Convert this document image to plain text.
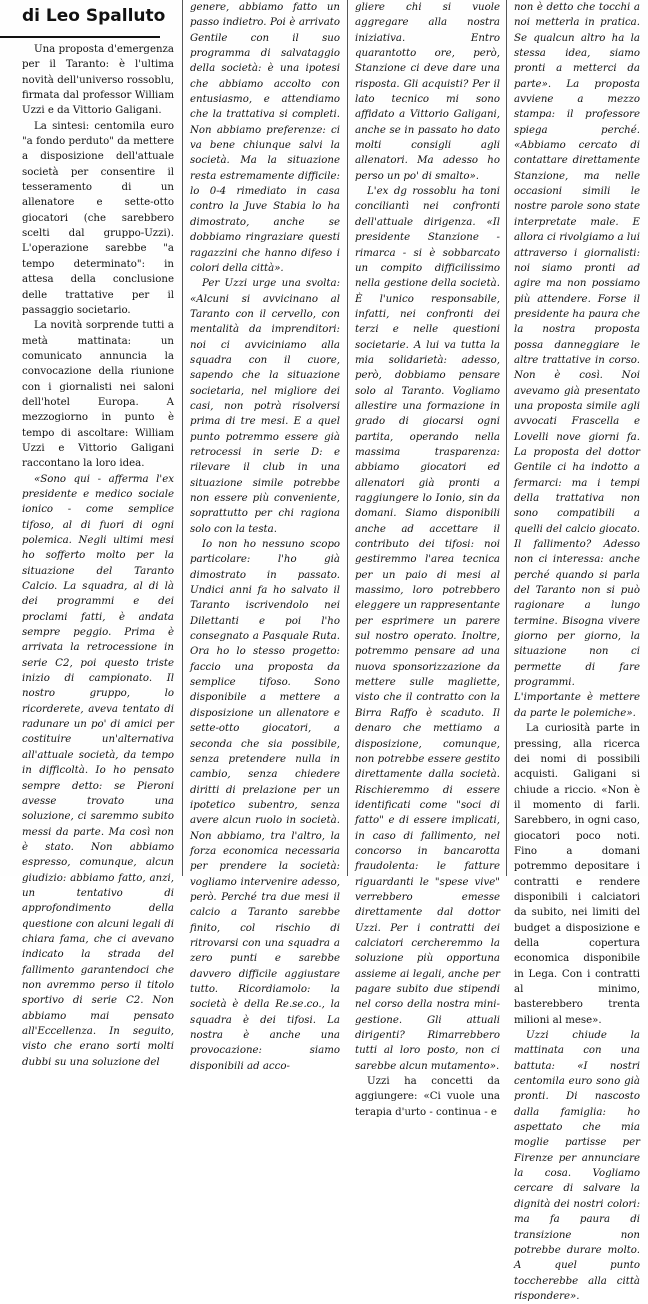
di Leo Spalluto

Una proposta d'emergenza per il Taranto: è l'ultima novità dell'universo rossoblu, firmata dal professor William Uzzi e da Vittorio Galigani.

La sintesi: centomila euro "a fondo perduto" da mettere a disposizione dell'attuale società per consentire il tesseramento di un allenatore e sette-otto giocatori (che sarebbero scelti dal gruppo-Uzzi). L'operazione sarebbe "a tempo determinato": in attesa della conclusione delle trattative per il passaggio societario.

La novità sorprende tutti a metà mattinata: un comunicato annuncia la convocazione della riunione con i giornalisti nei saloni dell'hotel Europa. A mezzogiorno in punto è tempo di ascoltare: William Uzzi e Vittorio Galigani raccontano la loro idea.

«Sono qui - afferma l'ex presidente e medico sociale ionico - come semplice tifoso, al di fuori di ogni polemica. Negli ultimi mesi ho sofferto molto per la situazione del Taranto Calcio. La squadra, al di là dei programmi e dei proclami fatti, è andata sempre peggio. Prima è arrivata la retrocessione in serie C2, poi questo triste inizio di campionato. Il nostro gruppo, lo ricorderete, aveva tentato di radunare un po' di amici per costituire un'alternativa all'attuale società, da tempo in difficoltà. Io ho pensato sempre detto: se Pieroni avesse trovato una soluzione, ci saremmo subito messi da parte. Ma così non è stato. Non abbiamo espresso, comunque, alcun giudizio: abbiamo fatto, anzi, un tentativo di approfondimento della questione con alcuni legali di chiara fama, che ci avevano indicato la strada del fallimento garantendoci che non avremmo perso il titolo sportivo di serie C2. Non abbiamo mai pensato all'Eccellenza. In seguito, visto che erano sorti molti dubbi su una soluzione del

genere, abbiamo fatto un passo indietro. Poi è arrivato Gentile con il suo programma di salvataggio della società: è una ipotesi che abbiamo accolto con entusiasmo, e attendiamo che la trattativa si completi. Non abbiamo preferenze: ci va bene chiunque salvi la società. Ma la situazione resta estremamente difficile: lo 0-4 rimediato in casa contro la Juve Stabia lo ha dimostrato, anche se dobbiamo ringraziare questi ragazzini che hanno difeso i colori della città».

Per Uzzi urge una svolta: «Alcuni si avvicinano al Taranto con il cervello, con mentalità da imprenditori: noi ci avviciniamo alla squadra con il cuore, sapendo che la situazione societaria, nel migliore dei casi, non potrà risolversi prima di tre mesi. E a quel punto potremmo essere già retrocessi in serie D: e rilevare il club in una situazione simile potrebbe non essere più conveniente, soprattutto per chi ragiona solo con la testa.

Io non ho nessuno scopo particolare: l'ho già dimostrato in passato. Undici anni fa ho salvato il Taranto iscrivendolo nei Dilettanti e poi l'ho consegnato a Pasquale Ruta. Ora ho lo stesso progetto: faccio una proposta da semplice tifoso. Sono disponibile a mettere a disposizione un allenatore e sette-otto giocatori, a seconda che sia possibile, senza pretendere nulla in cambio, senza chiedere diritti di prelazione per un ipotetico subentro, senza avere alcun ruolo in società. Non abbiamo, tra l'altro, la forza economica necessaria per prendere la società: vogliamo intervenire adesso, però. Perché tra due mesi il calcio a Taranto sarebbe finito, col rischio di ritrovarsi con una squadra a zero punti e sarebbe davvero difficile aggiustare tutto. Ricordiamolo: la società è della Re.se.co., la squadra è dei tifosi. La nostra è anche una provocazione: siamo disponibili ad acco-

gliere chi si vuole aggregare alla nostra iniziativa. Entro quarantotto ore, però, Stanzione ci deve dare una risposta. Gli acquisti? Per il lato tecnico mi sono affidato a Vittorio Galigani, anche se in passato ho dato molti consigli agli allenatori. Ma adesso ho perso un po' di smalto».

L'ex dg rossoblu ha toni conciliantì nei confronti dell'attuale dirigenza. «Il presidente Stanzione - rimarca - si è sobbarcato un compito difficilissimo nella gestione della società. È l'unico responsabile, infatti, nei confronti dei terzi e nelle questioni societarie. A lui va tutta la mia solidarietà: adesso, però, dobbiamo pensare solo al Taranto. Vogliamo allestire una formazione in grado di giocarsi ogni partita, operando nella massima trasparenza: abbiamo giocatori ed allenatori già pronti a raggiungere lo Ionio, sin da domani. Siamo disponibili anche ad accettare il contributo dei tifosi: noi gestiremmo l'area tecnica per un paio di mesi al massimo, loro potrebbero eleggere un rappresentante per esprimere un parere sul nostro operato. Inoltre, potremmo pensare ad una nuova sponsorizzazione da mettere sulle magliette, visto che il contratto con la Birra Raffo è scaduto. Il denaro che mettiamo a disposizione, comunque, non potrebbe essere gestito direttamente dalla società. Rischieremmo di essere identificati come "soci di fatto" e di essere implicati, in caso di fallimento, nel concorso in bancarotta fraudolenta: le fatture riguardanti le "spese vive" verrebbero emesse direttamente dal dottor Uzzi. Per i contratti dei calciatori cercheremmo la soluzione più opportuna assieme ai legali, anche per pagare subito due stipendi nel corso della nostra mini-gestione. Gli attuali dirigenti? Rimarrebbero tutti al loro posto, non ci sarebbe alcun mutamento».

Uzzi ha concetti da aggiungere: «Ci vuole una terapia d'urto - continua - e

non è detto che tocchi a noi metterla in pratica. Se qualcun altro ha la stessa idea, siamo pronti a metterci da parte». La proposta avviene a mezzo stampa: il professore spiega perché. «Abbiamo cercato di contattare direttamente Stanzione, ma nelle occasioni simili le nostre parole sono state interpretate male. E allora ci rivolgiamo a lui attraverso i giornalisti: noi siamo pronti ad agire ma non possiamo più attendere. Forse il presidente ha paura che la nostra proposta possa danneggiare le altre trattative in corso. Non è così. Noi avevamo già presentato una proposta simile agli avvocati Frascella e Lovelli nove giorni fa. La proposta del dottor Gentile ci ha indotto a fermarci: ma i tempi della trattativa non sono compatibili a quelli del calcio giocato. Il fallimento? Adesso non ci interessa: anche perché quando si parla del Taranto non si può ragionare a lungo termine. Bisogna vivere giorno per giorno, la situazione non ci permette di fare programmi. L'importante è mettere da parte le polemiche».

La curiosità parte in pressing, alla ricerca dei nomi di possibili acquisti. Galigani si chiude a riccio. «Non è il momento di farli. Sarebbero, in ogni caso, giocatori poco noti. Fino a domani potremmo depositare i contratti e rendere disponibili i calciatori da subito, nei limiti del budget a disposizione e della copertura economica disponibile in Lega. Con i contratti al minimo, basterebbero trenta milioni al mese».

Uzzi chiude la mattinata con una battuta: «I nostri centomila euro sono già pronti. Di nascosto dalla famiglia: ho aspettato che mia moglie partisse per Firenze per annunciare la cosa. Vogliamo cercare di salvare la dignità dei nostri colori: ma fa paura di transizione non potrebbe durare molto. A quel punto toccherebbe alla città rispondere».
